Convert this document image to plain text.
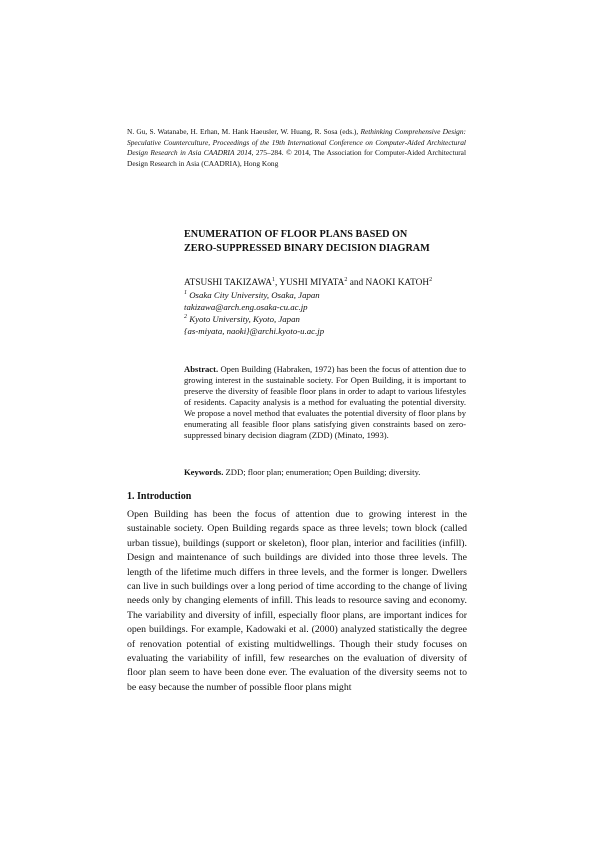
N. Gu, S. Watanabe, H. Erhan, M. Hank Haeusler, W. Huang, R. Sosa (eds.), Rethinking Comprehensive Design: Speculative Counterculture, Proceedings of the 19th International Conference on Computer-Aided Architectural Design Research in Asia CAADRIA 2014, 275–284. © 2014, The Association for Computer-Aided Architectural Design Research in Asia (CAADRIA), Hong Kong
ENUMERATION OF FLOOR PLANS BASED ON
ZERO-SUPPRESSED BINARY DECISION DIAGRAM
ATSUSHI TAKIZAWA$^1$, YUSHI MIYATA$^2$ and NAOKI KATOH$^2$
$^1$ Osaka City University, Osaka, Japan
takizawa@arch.eng.osaka-cu.ac.jp
$^2$ Kyoto University, Kyoto, Japan
{as-miyata, naoki}@archi.kyoto-u.ac.jp
Abstract. Open Building (Habraken, 1972) has been the focus of attention due to growing interest in the sustainable society. For Open Building, it is important to preserve the diversity of feasible floor plans in order to adapt to various lifestyles of residents. Capacity analysis is a method for evaluating the potential diversity. We propose a novel method that evaluates the potential diversity of floor plans by enumerating all feasible floor plans satisfying given constraints based on zero-suppressed binary decision diagram (ZDD) (Minato, 1993).
Keywords. ZDD; floor plan; enumeration; Open Building; diversity.
1. Introduction

Open Building has been the focus of attention due to growing interest in the sustainable society. Open Building regards space as three levels; town block (called urban tissue), buildings (support or skeleton), floor plan, interior and facilities (infill). Design and maintenance of such buildings are divided into those three levels. The length of the lifetime much differs in three levels, and the former is longer. Dwellers can live in such buildings over a long period of time according to the change of living needs only by changing elements of infill. This leads to resource saving and economy. The variability and diversity of infill, especially floor plans, are important indices for open buildings. For example, Kadowaki et al. (2000) analyzed statistically the degree of renovation potential of existing multidwellings. Though their study focuses on evaluating the variability of infill, few researches on the evaluation of diversity of floor plan seem to have been done ever. The evaluation of the diversity seems not to be easy because the number of possible floor plans might
